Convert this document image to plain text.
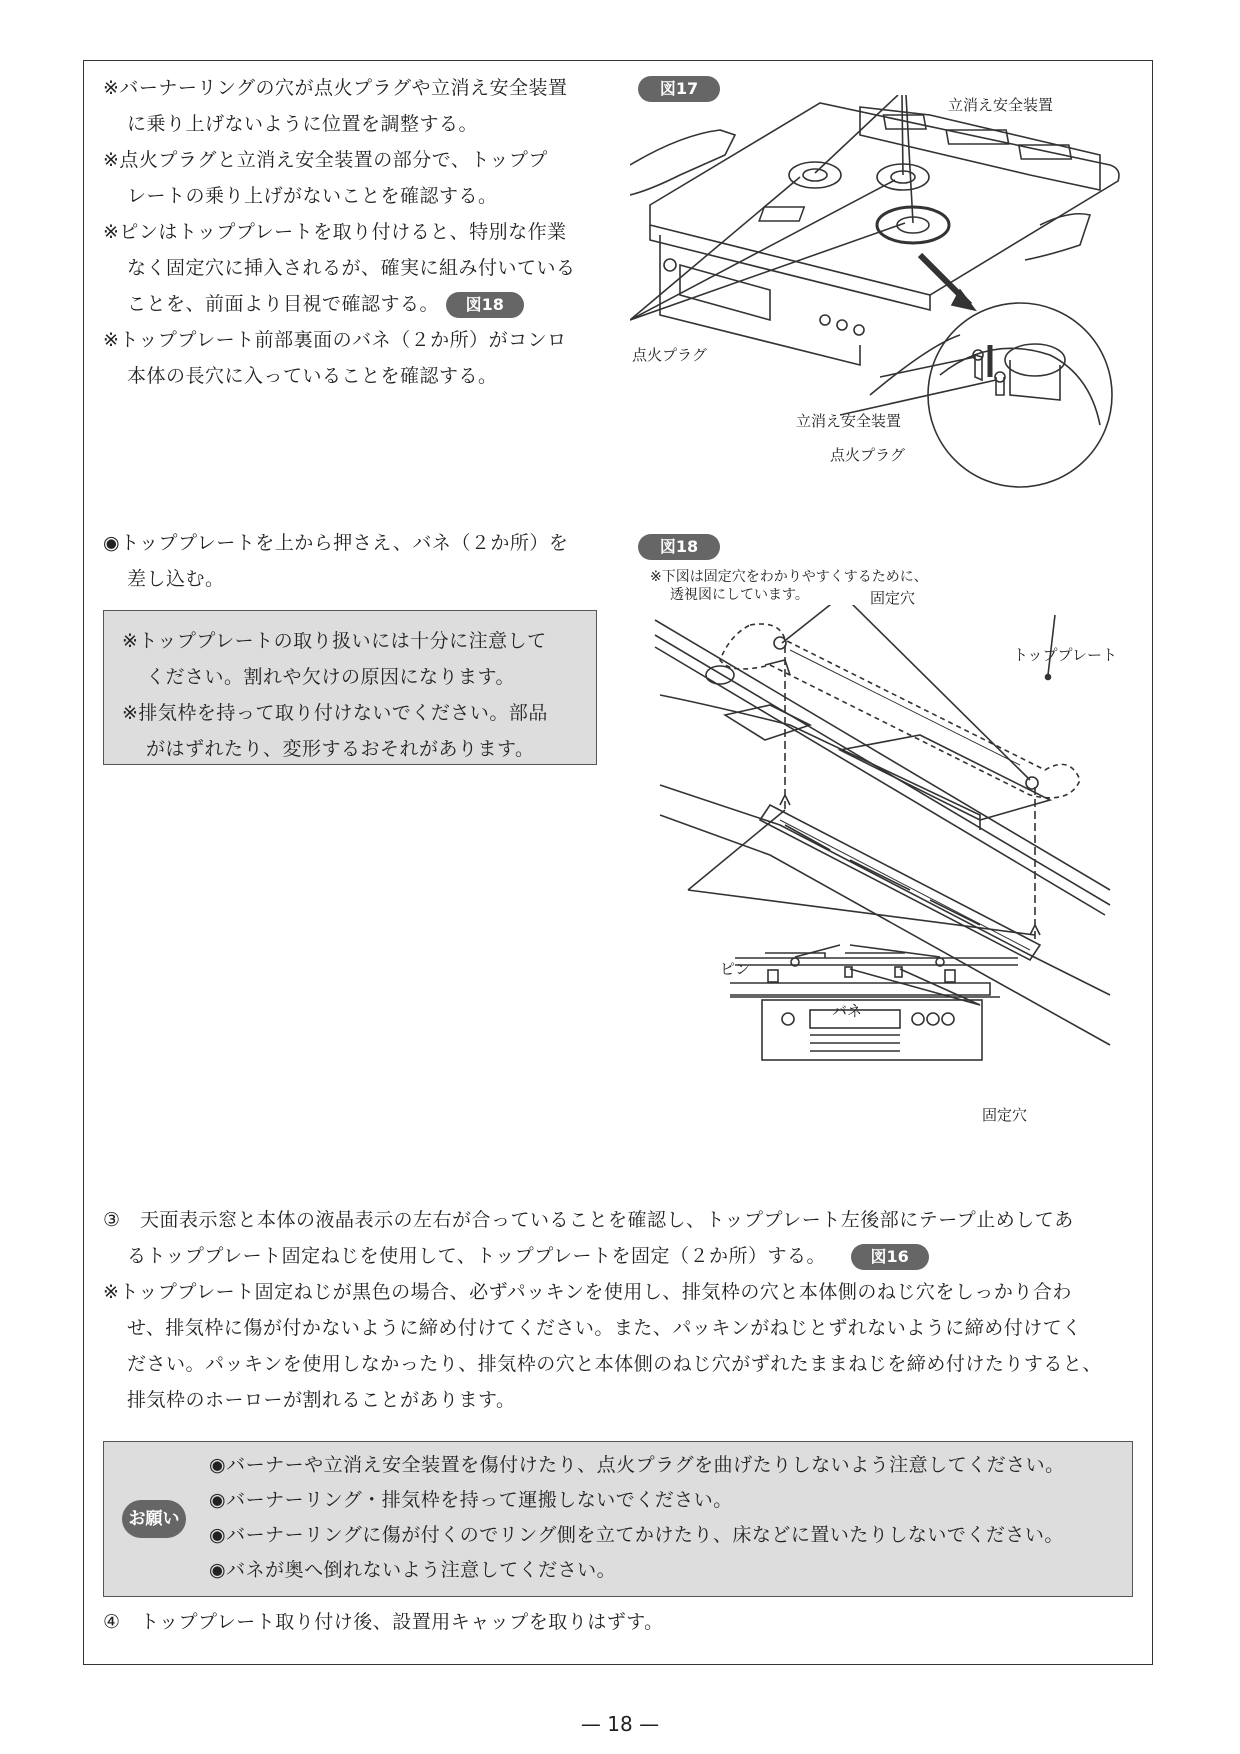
※バーナーリングの穴が点火プラグや立消え安全装置
に乗り上げないように位置を調整する。
※点火プラグと立消え安全装置の部分で、トッププ
レートの乗り上げがないことを確認する。
※ピンはトッププレートを取り付けると、特別な作業
なく固定穴に挿入されるが、確実に組み付いている
ことを、前面より目視で確認する。 図18
※トッププレート前部裏面のバネ（２か所）がコンロ
本体の長穴に入っていることを確認する。
◉トッププレートを上から押さえ、バネ（２か所）を
差し込む。
※トッププレートの取り扱いには十分に注意して
ください。割れや欠けの原因になります。
※排気枠を持って取り付けないでください。部品
がはずれたり、変形するおそれがあります。
図17
立消え安全装置
点火プラグ
立消え安全装置
点火プラグ
図18
※下図は固定穴をわかりやすくするために、
透視図にしています。	固定穴
トッププレート
ピン
バネ
固定穴
③　天面表示窓と本体の液晶表示の左右が合っていることを確認し、トッププレート左後部にテープ止めしてあ
るトッププレート固定ねじを使用して、トッププレートを固定（２か所）する。	図16
※トッププレート固定ねじが黒色の場合、必ずパッキンを使用し、排気枠の穴と本体側のねじ穴をしっかり合わ
せ、排気枠に傷が付かないように締め付けてください。また、パッキンがねじとずれないように締め付けてく
ださい。パッキンを使用しなかったり、排気枠の穴と本体側のねじ穴がずれたままねじを締め付けたりすると、
排気枠のホーローが割れることがあります。
お願い
◉バーナーや立消え安全装置を傷付けたり、点火プラグを曲げたりしないよう注意してください。
◉バーナーリング・排気枠を持って運搬しないでください。
◉バーナーリングに傷が付くのでリング側を立てかけたり、床などに置いたりしないでください。
◉バネが奥へ倒れないよう注意してください。
④　トッププレート取り付け後、設置用キャップを取りはずす。
— 18 —
